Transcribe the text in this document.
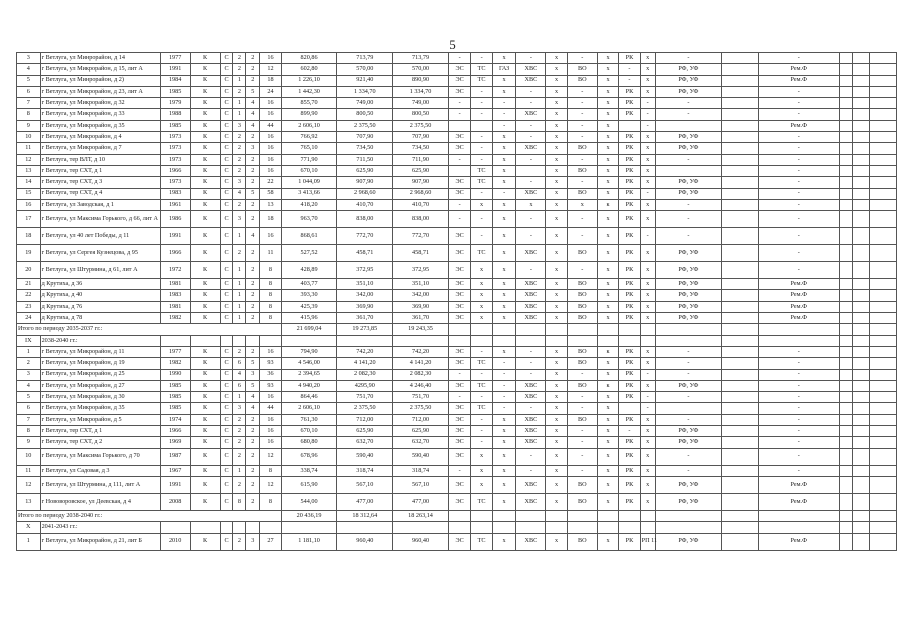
5
3	г Ветлуга, ул Минрорайон, д 14	1977	К	С	2	2	16	820,86	713,79	713,79	-	-	х	-	х	-	х	РК	х	-		-			
4	г Ветлуга, ул Микрорайон, д 15, лит А	1991	К	С	2	2	12	602,80	570,00	570,00	ЭС	ТС	ГАЗ	ХВС	х	ВО	х	-	х	РФ, УФ		Рем.Ф			
5	г Ветлуга, ул Минрорайон, д 2)	1984	К	С	1	2	18	1 226,10	921,40	890,90	ЭС	ТС	х	ХВС	х	ВО	х	-	х	РФ, УФ		Рем.Ф			
6	г Ветлуга, ул Микрорайон, д 23, лит А	1985	К	С	2	5	24	1 442,30	1 334,70	1 334,70	ЭС	-	х	-	х	-	х	РК	х	РФ, УФ		-			
7	г Ветлуга, ул Микрорайон, д 32	1979	К	С	1	4	16	855,70	749,00	749,00	-	-	-	-	х	-	х	РК	-	-		-			
8	г Ветлуга, ул Микрорайон, д 33	1988	К	С	1	4	16	899,90	800,50	800,50	-	-	-	ХВС	х	-	х	РК	-	-		-			
9	г Ветлуга, ул Микрорайон, д 35	1985	К	С	3	4	44	2 606,10	2 375,50	2 375,50			-	-	х	-	х		-			Рем.Ф			
10	г Ветлуга, ул Микрорайон, д 4	1973	К	С	2	2	16	766,92	707,90	707,90	ЭС	-	х	-	х	-	х	РК	х	РФ, УФ		-			
11	г Ветлуга, ул Микрорайон, д 7	1973	К	С	2	3	16	765,10	734,50	734,50	ЭС	-	х	ХВС	х	ВО	х	РК	х	РФ, УФ		-			
12	г Ветлуга, тер ВЛТ, д 10	1973	К	С	2	2	16	771,90	711,50	711,90	-	-	х	-	х	-	х	РК	х	-		-			
13	г Ветлуга, тер СХТ, д 1	1966	К	С	2	2	16	670,10	625,90	625,90		ТС	х		х	ВО	х	РК	х			-			
14	г Ветлуга, тер СХТ, д 3	1973	К	С	3	2	22	1 044,09	907,90	907,90	ЭС	ТС	х	-	х	-	х	РК	х	РФ, УФ		-			
15	г Ветлуга, тер СХТ, д 4	1983	К	С	4	5	58	3 413,66	2 968,60	2 968,60	ЭС	-	-	ХВС	х	ВО	х	РК	-	РФ, УФ		-			
16	г Ветлуга, ул Заводская, д 1	1961	К	С	2	2	13	418,20	410,70	410,70	-	х	х	х	х	х	к	РК	х	-		-			
17	г Ветлуга, ул Максима Горького, д 66, лит А	1986	К	С	3	2	18	963,70	838,00	838,00	-	-	х	-	х	-	х	РК	х	-		-			
18	г Ветлуга, ул 40 лет Победы, д 11	1991	К	С	1	4	16	868,61	772,70	772,70	ЭС	-	х	-	х	-	х	РК	-	-		-			
19	г Ветлуга, ул Сергея Кузнецова, д 95	1966	К	С	2	2	11	527,52	458,71	458,71	ЭС	ТС	х	ХВС	х	ВО	х	РК	х	РФ, УФ		-			
20	г Ветлуга, ул Штурмина, д 61, лит А	1972	К	С	1	2	8	428,89	372,95	372,95	ЭС	х	х	-	х	-	х	РК	х	РФ, УФ		-			
21	д Крутиха, д 36	1981	К	С	1	2	8	403,77	351,10	351,10	ЭС	х	х	ХВС	х	ВО	х	РК	х	РФ, УФ		Рем.Ф			
22	д Крутиха, д 40	1983	К	С	1	2	8	393,30	342,00	342,00	ЭС	х	х	ХВС	х	ВО	х	РК	х	РФ, УФ		Рем.Ф			
23	д Крутиха, д 76	1981	К	С	1	2	8	425,39	369,90	369,90	ЭС	х	х	ХВС	х	ВО	х	РК	х	РФ, УФ		Рем.Ф			
24	д Крутиха, д 78	1982	К	С	1	2	8	415,96	361,70	361,70	ЭС	х	х	ХВС	х	ВО	х	РК	х	РФ, УФ		Рем.Ф			
Итого по периоду 2035-2037 гг.:								21 699,04	19 273,85	19 243,35															
IX	2038-2040 гг.:																								
1	г Ветлуга, ул Микрорайон, д 11	1977	К	С	2	2	16	794,90	742,20	742,20	ЭС	-	х	-	х	ВО	к	РК	х	-		-			
2	г Ветлуга, ул Микрорайон, д 19	1982	К	С	6	5	93	4 546,00	4 141,20	4 141,20	ЭС	ТС	-	-	х	ВО	х	РК	х	-		-			
3	г Ветлуга, ул Микрорайон, д 25	1990	К	С	4	3	36	2 394,65	2 082,30	2 082,30	-	-	-	-	х	-	х	РК	-	-		-			
4	г Ветлуга, ул Микрорайон, д 27	1985	К	С	6	5	93	4 940,20	4295,90	4 246,40	ЭС	ТС	-	ХВС	х	ВО	к	РК	х	РФ, УФ		-			
5	г Ветлуга, ул Микрорайон, д 30	1985	К	С	1	4	16	864,46	751,70	751,70	-	-	-	ХВС	х	-	х	РК	-	-		-			
6	г Ветлуга, ул Микрорайон, д 35	1985	К	С	3	4	44	2 606,10	2 375,50	2 375,50	ЭС	ТС	-	-	х	-	х		-			-			
7	г Ветлуга, ул Микрорайон, д 5	1974	К	С	2	2	16	761,30	712,00	712,00	ЭС	-	х	ХВС	х	ВО	х	РК	х	-		-			
8	г Ветлуга, тер СХТ, д 1	1966	К	С	2	2	16	670,10	625,90	625,90	ЭС	-	х	ХВС	х	-	х	-	х	РФ, УФ		-			
9	г Ветлуга, тер СХТ, д 2	1969	К	С	2	2	16	680,80	632,70	632,70	ЭС	-	х	ХВС	х	-	х	РК	х	РФ, УФ		-			
10	г Ветлуга, ул Максима Горького, д 70	1987	К	С	2	2	12	678,96	590,40	590,40	ЭС	х	х	-	х	-	х	РК	х	-		-			
11	г Ветлуга, ул Садовая, д 3	1967	К	С	1	2	8	338,74	318,74	318,74	-	х	х	-	х	-	х	РК	х	-		-			
12	г Ветлуга, ул Штурмина, д 111, лит А	1991	К	С	2	2	12	615,90	567,10	567,10	ЭС	х	х	ХВС	х	ВО	х	РК	х	РФ, УФ		Рем.Ф			
13	г Нововоровское, ул Деевская, д 4	2008	К	С	8	2	8	544,00	477,00	477,00	ЭС	ТС	х	ХВС	х	ВО	х	РК	х	РФ, УФ		Рем.Ф			
Итого по периоду 2038-2040 гг.:								20 436,19	18 312,64	18 263,14															
Х	2041-2043 гг.:																								
1	г Ветлуга, ул Микрорайон, д 21, лит Б	2010	К	С	2	3	27	1 181,10	960,40	960,40	ЭС	ТС	х	ХВС	х	ВО	х	РК	РП 11	РФ, УФ		Рем.Ф			
